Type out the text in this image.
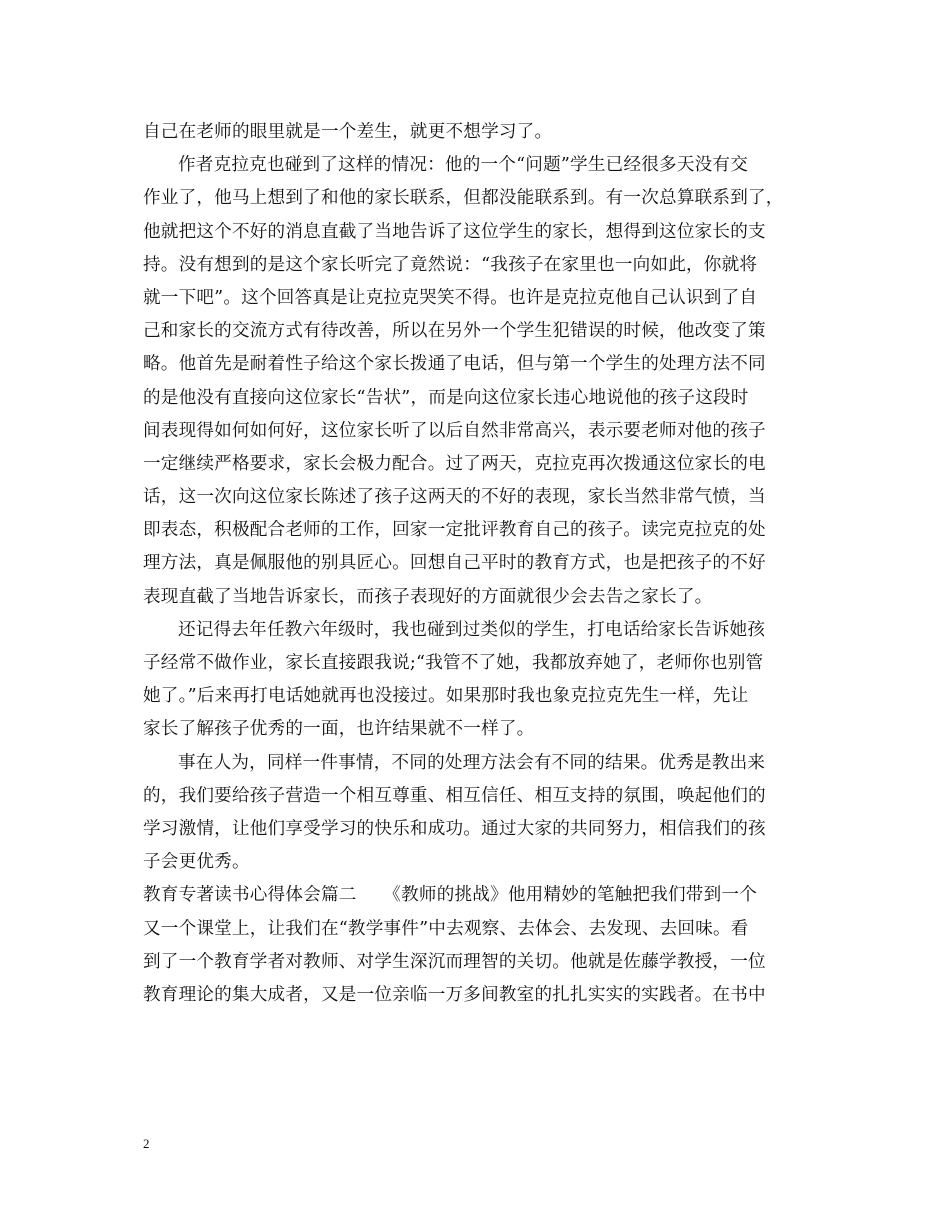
自己在老师的眼里就是一个差生，就更不想学习了。
作者克拉克也碰到了这样的情况：他的一个“问题”学生已经很多天没有交
作业了，他马上想到了和他的家长联系，但都没能联系到。有一次总算联系到了，
他就把这个不好的消息直截了当地告诉了这位学生的家长，想得到这位家长的支
持。没有想到的是这个家长听完了竟然说：“我孩子在家里也一向如此，你就将
就一下吧”。这个回答真是让克拉克哭笑不得。也许是克拉克他自己认识到了自
己和家长的交流方式有待改善，所以在另外一个学生犯错误的时候，他改变了策
略。他首先是耐着性子给这个家长拨通了电话，但与第一个学生的处理方法不同
的是他没有直接向这位家长“告状”，而是向这位家长违心地说他的孩子这段时
间表现得如何如何好，这位家长听了以后自然非常高兴，表示要老师对他的孩子
一定继续严格要求，家长会极力配合。过了两天，克拉克再次拨通这位家长的电
话，这一次向这位家长陈述了孩子这两天的不好的表现，家长当然非常气愤，当
即表态，积极配合老师的工作，回家一定批评教育自己的孩子。读完克拉克的处
理方法，真是佩服他的别具匠心。回想自己平时的教育方式，也是把孩子的不好
表现直截了当地告诉家长，而孩子表现好的方面就很少会去告之家长了。
还记得去年任教六年级时，我也碰到过类似的学生，打电话给家长告诉她孩
子经常不做作业，家长直接跟我说;“我管不了她，我都放弃她了，老师你也别管
她了。”后来再打电话她就再也没接过。如果那时我也象克拉克先生一样，先让
家长了解孩子优秀的一面，也许结果就不一样了。
事在人为，同样一件事情，不同的处理方法会有不同的结果。优秀是教出来
的，我们要给孩子营造一个相互尊重、相互信任、相互支持的氛围，唤起他们的
学习激情，让他们享受学习的快乐和成功。通过大家的共同努力，相信我们的孩
子会更优秀。
教育专著读书心得体会篇二　　《教师的挑战》他用精妙的笔触把我们带到一个
又一个课堂上，让我们在“教学事件”中去观察、去体会、去发现、去回味。看
到了一个教育学者对教师、对学生深沉而理智的关切。他就是佐藤学教授，一位
教育理论的集大成者，又是一位亲临一万多间教室的扎扎实实的实践者。在书中
2
